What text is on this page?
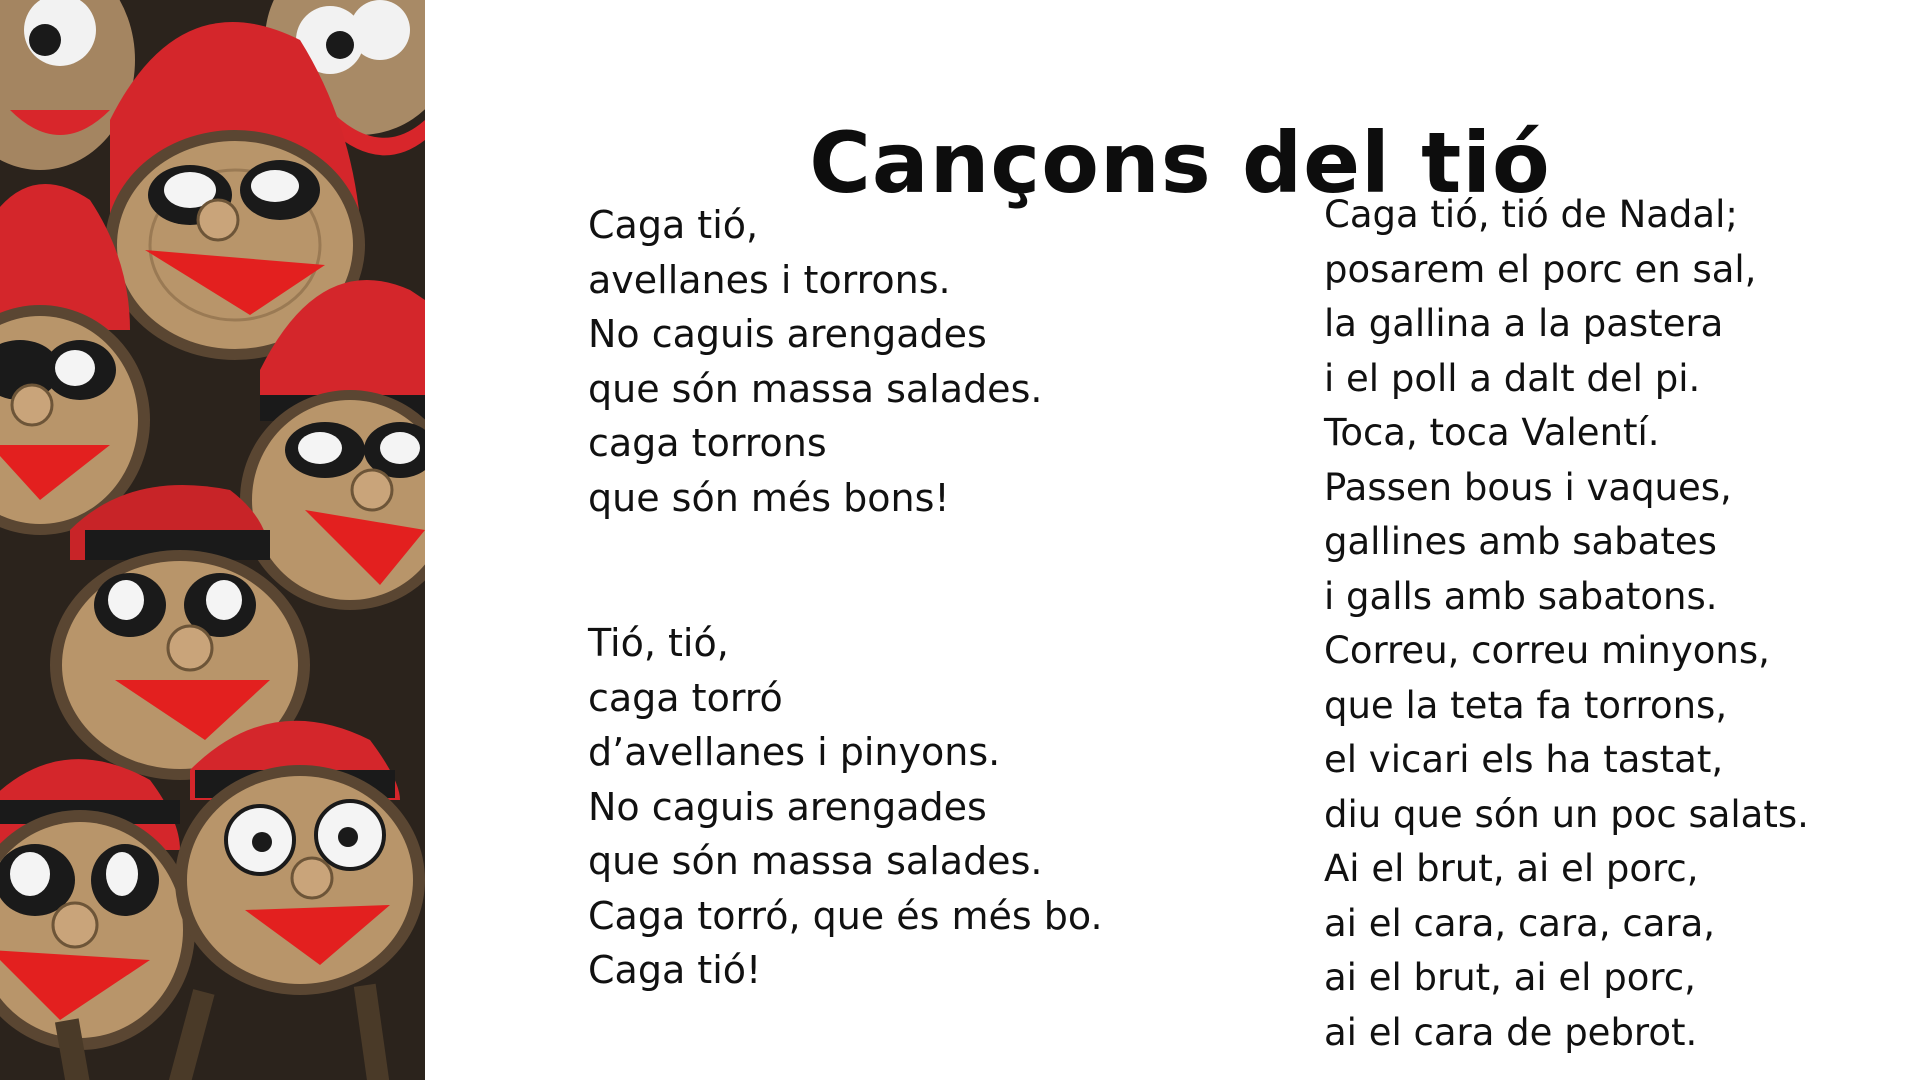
Cançons del tió
Caga tió,
avellanes i torrons.
No caguis arengades
que són massa salades.
caga torrons
que són més bons!
Tió, tió,
caga torró
d’avellanes i pinyons.
No caguis arengades
que són massa salades.
Caga torró, que és més bo.
Caga tió!
Caga tió, tió de Nadal;
posarem el porc en sal,
la gallina a la pastera
i el poll a dalt del pi.
Toca, toca Valentí.
Passen bous i vaques,
gallines amb sabates
i galls amb sabatons.
Correu, correu minyons,
que la teta fa torrons,
el vicari els ha tastat,
diu que són un poc salats.
Ai el brut, ai el porc,
ai el cara, cara, cara,
ai el brut, ai el porc,
ai el cara de pebrot.
